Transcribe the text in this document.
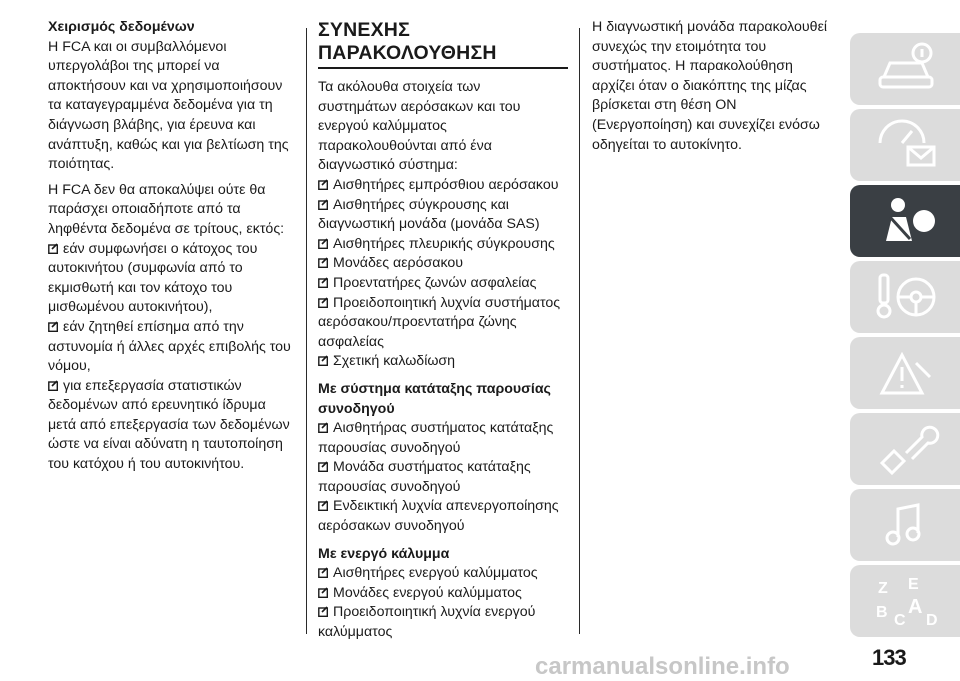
Χειρισμός δεδομένων
Η FCA και οι συμβαλλόμενοι
υπεργολάβοι της μπορεί να
αποκτήσουν και να χρησιμοποιήσουν
τα καταγεγραμμένα δεδομένα για τη
διάγνωση βλάβης, για έρευνα και
ανάπτυξη, καθώς και για βελτίωση της
ποιότητας.
Η FCA δεν θα αποκαλύψει ούτε θα
παράσχει οποιαδήποτε από τα
ληφθέντα δεδομένα σε τρίτους, εκτός:
εάν συμφωνήσει ο κάτοχος του
αυτοκινήτου (συμφωνία από το
εκμισθωτή και τον κάτοχο του
μισθωμένου αυτοκινήτου),
εάν ζητηθεί επίσημα από την
αστυνομία ή άλλες αρχές επιβολής του
νόμου,
για επεξεργασία στατιστικών
δεδομένων από ερευνητικό ίδρυμα
μετά από επεξεργασία των δεδομένων
ώστε να είναι αδύνατη η ταυτοποίηση
του κατόχου ή του αυτοκινήτου.
ΣΥΝΕΧΗΣ
ΠΑΡΑΚΟΛΟΥΘΗΣΗ
Τα ακόλουθα στοιχεία των
συστημάτων αερόσακων και του
ενεργού καλύμματος
παρακολουθούνται από ένα
διαγνωστικό σύστημα:
Αισθητήρες εμπρόσθιου αερόσακου
Αισθητήρες σύγκρουσης και
διαγνωστική μονάδα (μονάδα SAS)
Αισθητήρες πλευρικής σύγκρουσης
Μονάδες αερόσακου
Προεντατήρες ζωνών ασφαλείας
Προειδοποιητική λυχνία συστήματος
αερόσακου/προεντατήρα ζώνης
ασφαλείας
Σχετική καλωδίωση
Με σύστημα κατάταξης παρουσίας
συνοδηγού
Αισθητήρας συστήματος κατάταξης
παρουσίας συνοδηγού
Μονάδα συστήματος κατάταξης
παρουσίας συνοδηγού
Ενδεικτική λυχνία απενεργοποίησης
αερόσακων συνοδηγού
Με ενεργό κάλυμμα
Αισθητήρες ενεργού καλύμματος
Μονάδες ενεργού καλύμματος
Προειδοποιητική λυχνία ενεργού
καλύμματος
Η διαγνωστική μονάδα παρακολουθεί
συνεχώς την ετοιμότητα του
συστήματος. Η παρακολούθηση
αρχίζει όταν ο διακόπτης της μίζας
βρίσκεται στη θέση ON
(Ενεργοποίηση) και συνεχίζει ενόσω
οδηγείται το αυτοκίνητο.
Z E
B C
A
D
133
carmanualsonline.info
